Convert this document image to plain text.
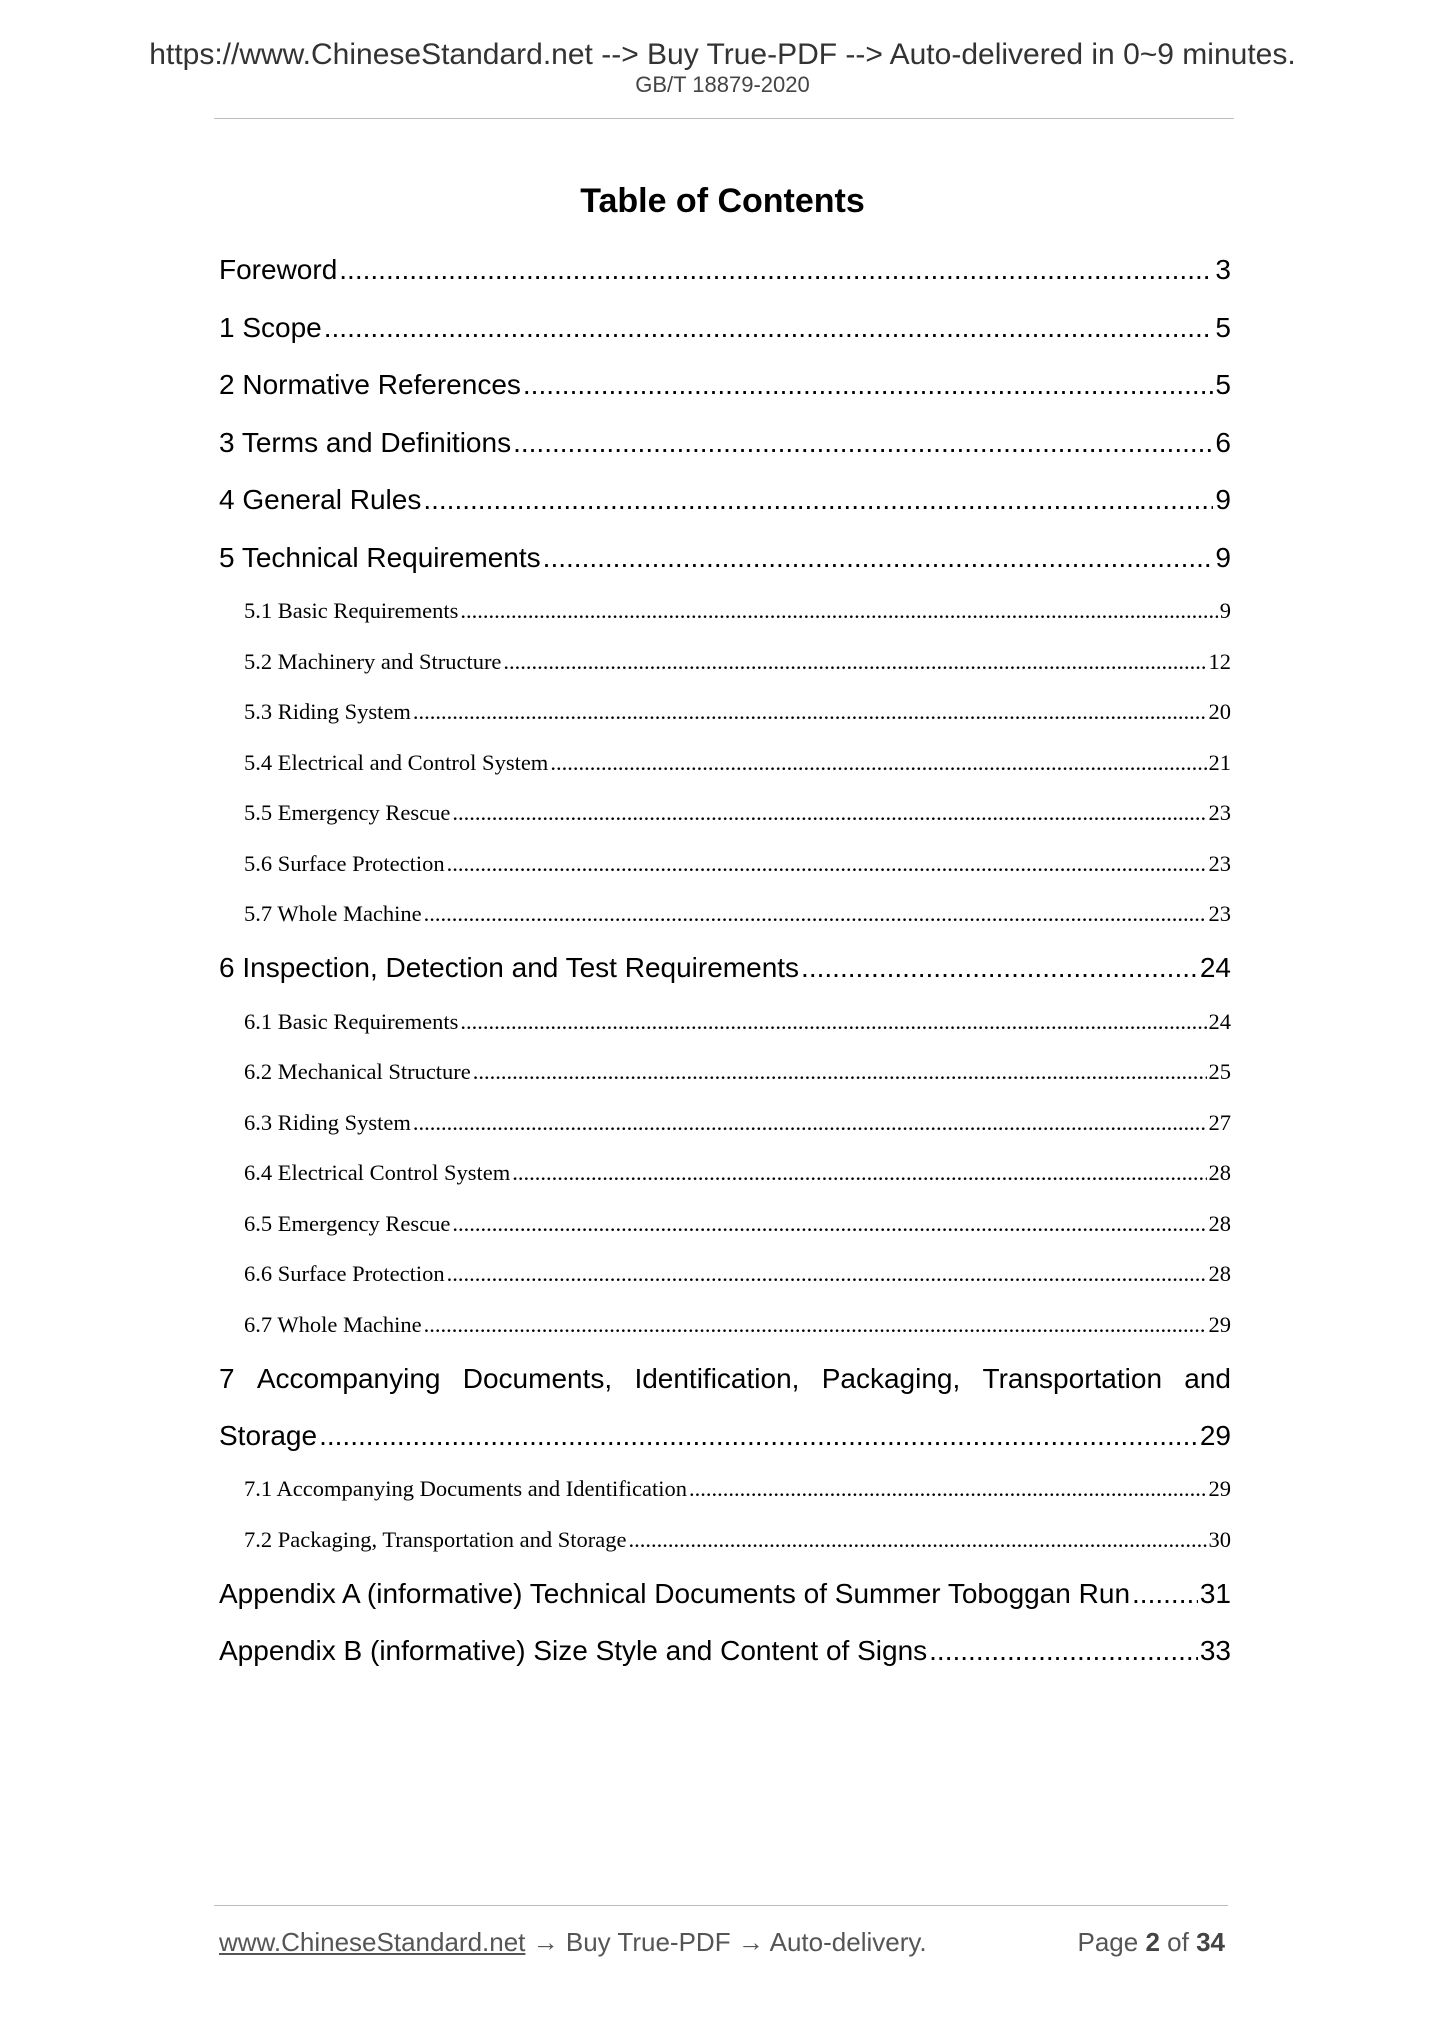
https://www.ChineseStandard.net --> Buy True-PDF --> Auto-delivered in 0~9 minutes.
GB/T 18879-2020
Table of Contents
Foreword .....	3
1 Scope .....	5
2 Normative References .....	5
3 Terms and Definitions .....	6
4 General Rules .....	9
5 Technical Requirements .....	9
5.1 Basic Requirements .....	9
5.2 Machinery and Structure .....	12
5.3 Riding System .....	20
5.4 Electrical and Control System .....	21
5.5 Emergency Rescue .....	23
5.6 Surface Protection .....	23
5.7 Whole Machine .....	23
6 Inspection, Detection and Test Requirements .....	24
6.1 Basic Requirements .....	24
6.2 Mechanical Structure .....	25
6.3 Riding System .....	27
6.4 Electrical Control System .....	28
6.5 Emergency Rescue .....	28
6.6 Surface Protection .....	28
6.7 Whole Machine .....	29
7 Accompanying Documents, Identification, Packaging, Transportation and
Storage .....	29
7.1 Accompanying Documents and Identification .....	29
7.2 Packaging, Transportation and Storage .....	30
Appendix A (informative) Technical Documents of Summer Toboggan Run ..... 31
Appendix B (informative) Size Style and Content of Signs .....	33
www.ChineseStandard.net → Buy True-PDF → Auto-delivery.	Page 2 of 34
